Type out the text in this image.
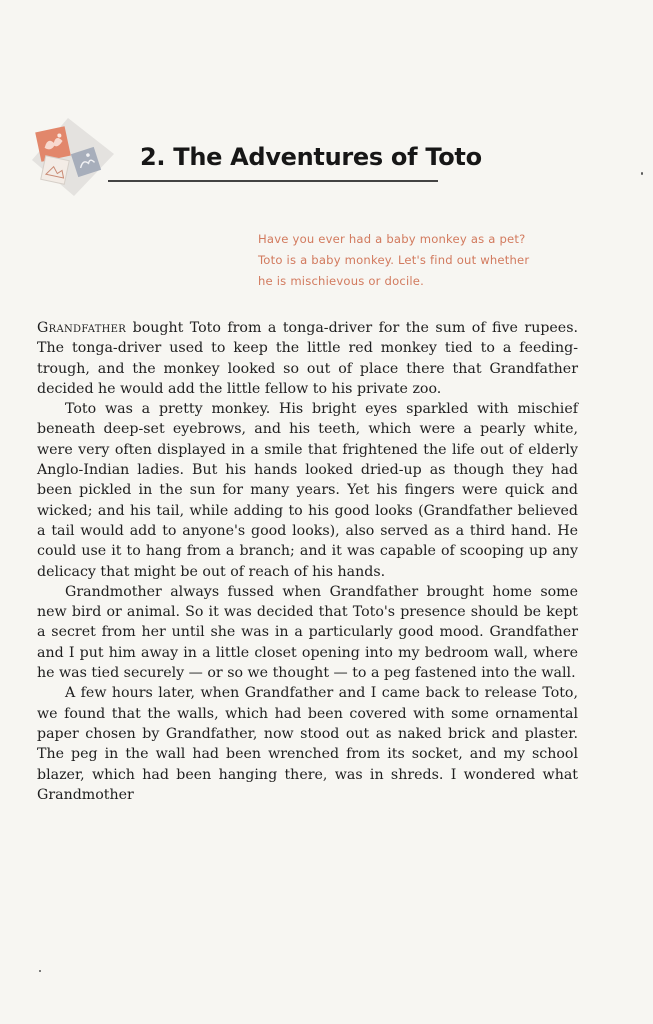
2. The Adventures of Toto

Have you ever had a baby monkey as a pet?
Toto is a baby monkey. Let's find out whether
he is mischievous or docile.

Grandfather bought Toto from a tonga-driver for the sum of five rupees. The tonga-driver used to keep the little red monkey tied to a feeding-trough, and the monkey looked so out of place there that Grandfather decided he would add the little fellow to his private zoo.

Toto was a pretty monkey. His bright eyes sparkled with mischief beneath deep-set eyebrows, and his teeth, which were a pearly white, were very often displayed in a smile that frightened the life out of elderly Anglo-Indian ladies. But his hands looked dried-up as though they had been pickled in the sun for many years. Yet his fingers were quick and wicked; and his tail, while adding to his good looks (Grandfather believed a tail would add to anyone's good looks), also served as a third hand. He could use it to hang from a branch; and it was capable of scooping up any delicacy that might be out of reach of his hands.

Grandmother always fussed when Grandfather brought home some new bird or animal. So it was decided that Toto's presence should be kept a secret from her until she was in a particularly good mood. Grandfather and I put him away in a little closet opening into my bedroom wall, where he was tied securely — or so we thought — to a peg fastened into the wall.

A few hours later, when Grandfather and I came back to release Toto, we found that the walls, which had been covered with some ornamental paper chosen by Grandfather, now stood out as naked brick and plaster. The peg in the wall had been wrenched from its socket, and my school blazer, which had been hanging there, was in shreds. I wondered what Grandmother
